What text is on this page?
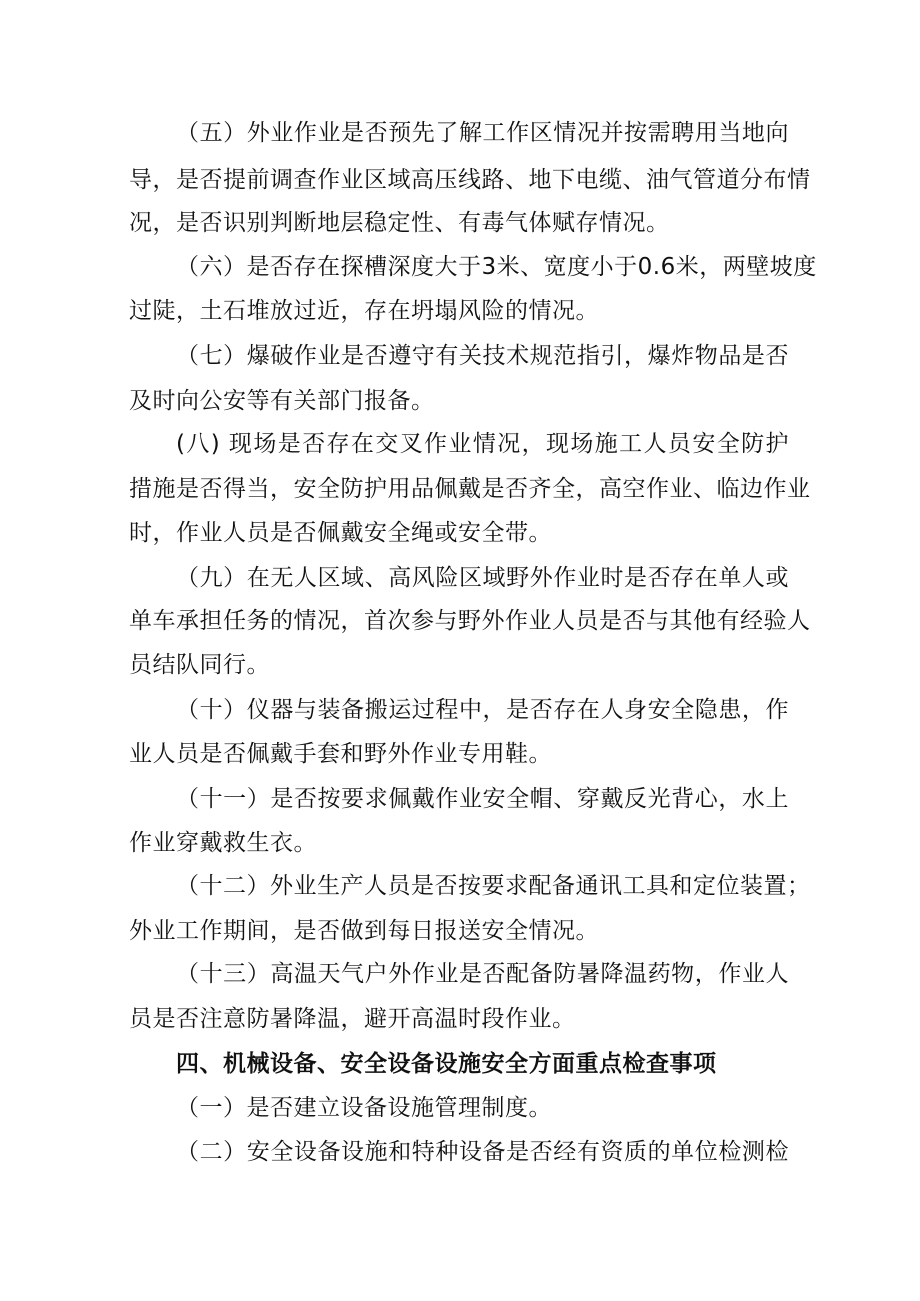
（五）外业作业是否预先了解工作区情况并按需聘用当地向
导，是否提前调查作业区域高压线路、地下电缆、油气管道分布情
况，是否识别判断地层稳定性、有毒气体赋存情况。
（六）是否存在探槽深度大于3米、宽度小于0.6米，两壁坡度
过陡，土石堆放过近，存在坍塌风险的情况。
（七）爆破作业是否遵守有关技术规范指引，爆炸物品是否
及时向公安等有关部门报备。
(八) 现场是否存在交叉作业情况，现场施工人员安全防护
措施是否得当，安全防护用品佩戴是否齐全，高空作业、临边作业
时，作业人员是否佩戴安全绳或安全带。
（九）在无人区域、高风险区域野外作业时是否存在单人或
单车承担任务的情况，首次参与野外作业人员是否与其他有经验人
员结队同行。
（十）仪器与装备搬运过程中，是否存在人身安全隐患，作
业人员是否佩戴手套和野外作业专用鞋。
（十一）是否按要求佩戴作业安全帽、穿戴反光背心，水上
作业穿戴救生衣。
（十二）外业生产人员是否按要求配备通讯工具和定位装置；
外业工作期间，是否做到每日报送安全情况。
（十三）高温天气户外作业是否配备防暑降温药物，作业人
员是否注意防暑降温，避开高温时段作业。
四、机械设备、安全设备设施安全方面重点检查事项
（一）是否建立设备设施管理制度。
（二）安全设备设施和特种设备是否经有资质的单位检测检
